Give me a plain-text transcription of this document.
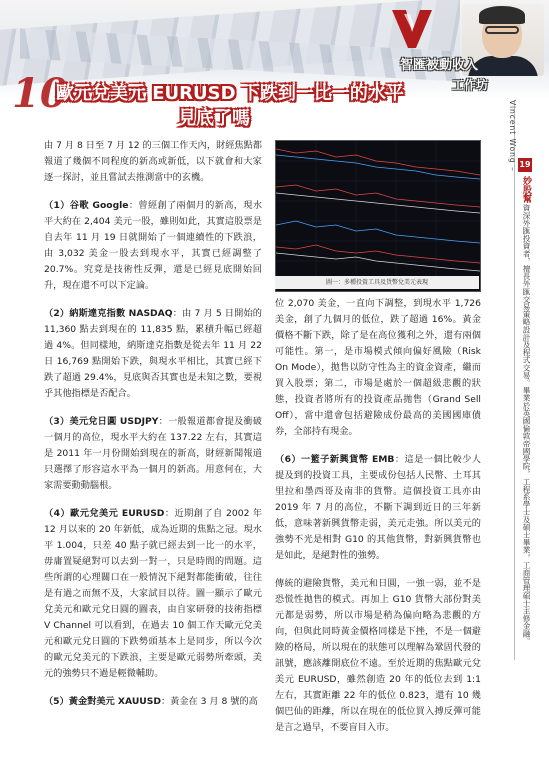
智匯被動收入
工作坊
10
歐元兌美元 EURUSD 下跌到一比一的水平
見底了嗎	Vincent Wong – 19
妙股幫
資深外匯投資者，擅長外匯交易策略設計及程式交易。畢業於英國倫敦帝國學院，工程系學士及碩士畢業，工商管理碩士主修金融。

由 7 月 8 日至 7 月 12 的三個工作天內，財經焦點都報道了幾個不同程度的新高或新低，以下就會和大家逐一探討，並且嘗試去推測當中的玄機。

（1）谷歌 Google：曾經創了兩個月的新高，現水平大約在 2,404 美元一股，雖則如此，其實這股票是自去年 11 月 19 日就開始了一個連續性的下跌浪，由 3,032 美金一股去到現水平，其實已經調整了 20.7%。究竟是技術性反彈，還是已經見底開始回升，現在還不可以下定論。

（2）納斯達克指數 NASDAQ：由 7 月 5 日開始的 11,360 點去到現在的 11,835 點，累積升幅已經超過 4%。但同樣地，納斯達克指數是從去年 11 月 22 日 16,769 點開始下跌，與現水平相比，其實已經下跌了超過 29.4%，見底與否其實也是未知之數，要視乎其他指標是否配合。

（3）美元兌日圓 USDJPY：一般報道都會提及衝破一個月的高位，現水平大約在 137.22 左右，其實這是 2011 年一月份開始到現在的新高，財經新聞報道只選擇了形容這水平為一個月的新高。用意何在，大家需要動動腦根。

（4）歐元兌美元 EURUSD：近期創了自 2002 年 12 月以來的 20 年新低，成為近期的焦點之冠。現水平 1.004，只差 40 點子就已經去到一比一的水平，毋庸置疑絕對可以去到一對一，只是時間的問題。這些所謂的心理關口在一般情況下絕對都能衝破，往往是有過之而無不及，大家試目以待。圖一顯示了歐元兌美元和歐元兌日圓的圖表，由自家研發的技術指標 V Channel 可以看到，在過去 10 個工作天歐元兌美元和歐元兌日圓的下跌勢頭基本上是同步，所以今次的歐元兌美元的下跌浪，主要是歐元弱勢所牽頭，美元的強勢只不過是輕微輔助。

（5）黃金對美元 XAUUSD：黃金在 3 月 8 號的高

圖一：多種投資工具及貨幣兌美元表現

位 2,070 美金，一直向下調整，到現水平 1,726 美金，創了九個月的低位，跌了超過 16%。黃金價格不斷下跌，除了是在高位獲利之外，還有兩個可能性。第一，是市場模式傾向偏好風險（Risk On Mode），拋售以防守性為主的資金資產，繼而買入股票；第二，市場是處於一個超級悲觀的狀態，投資者將所有的投資產品拋售（Grand Sell Off），當中還會包括避險成份最高的美國國庫債券，全部持有現金。

（6）一籃子新興貨幣 EMB：這是一個比較少人提及到的投資工具，主要成份包括人民幣、土耳其里拉和墨西哥及南非的貨幣。這個投資工具亦由 2019 年 7 月的高位，不斷下調到近日的三年新低，意味著新興貨幣走弱，美元走強。所以美元的強勢不光是相對 G10 的其他貨幣，對新興貨幣也是如此，是絕對性的強勢。

傳統的避險貨幣，美元和日圓，一強一弱，並不是恐慌性拋售的模式。再加上 G10 貨幣大部份對美元都是弱勢，所以市場是稍為偏向略為悲觀的方向，但與此同時黃金價格同樣是下挫，不是一個避險的格局，所以現在的狀態可以理解為鞏固代發的訊號，應該離開底位不遠。至於近期的焦點歐元兌美元 EURUSD，雖然創造 20 年的低位去到 1:1 左右，其實距離 22 年的低位 0.823，還有 10 幾個巴仙的距離，所以在現在的低位買入搏反彈可能是言之過早，不要盲目入市。
